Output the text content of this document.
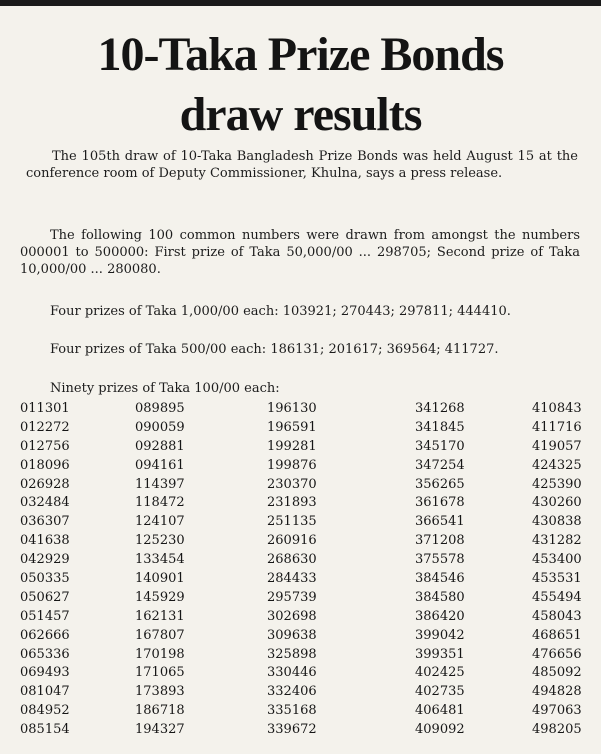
10-Taka Prize Bonds
draw results

The 105th draw of 10-Taka Bangladesh Prize Bonds was held August 15 at the conference room of Deputy Commissioner, Khulna, says a press release.

The following 100 common numbers were drawn from amongst the numbers 000001 to 500000: First prize of Taka 50,000/00 ... 298705; Second prize of Taka 10,000/00 ... 280080.

Four prizes of Taka 1,000/00 each: 103921; 270443; 297811; 444410.

Four prizes of Taka 500/00 each: 186131; 201617; 369564; 411727.

Ninety prizes of Taka 100/00 each:

011301	089895	196130	341268	410843
012272	090059	196591	341845	411716
012756	092881	199281	345170	419057
018096	094161	199876	347254	424325
026928	114397	230370	356265	425390
032484	118472	231893	361678	430260
036307	124107	251135	366541	430838
041638	125230	260916	371208	431282
042929	133454	268630	375578	453400
050335	140901	284433	384546	453531
050627	145929	295739	384580	455494
051457	162131	302698	386420	458043
062666	167807	309638	399042	468651
065336	170198	325898	399351	476656
069493	171065	330446	402425	485092
081047	173893	332406	402735	494828
084952	186718	335168	406481	497063
085154	194327	339672	409092	498205
